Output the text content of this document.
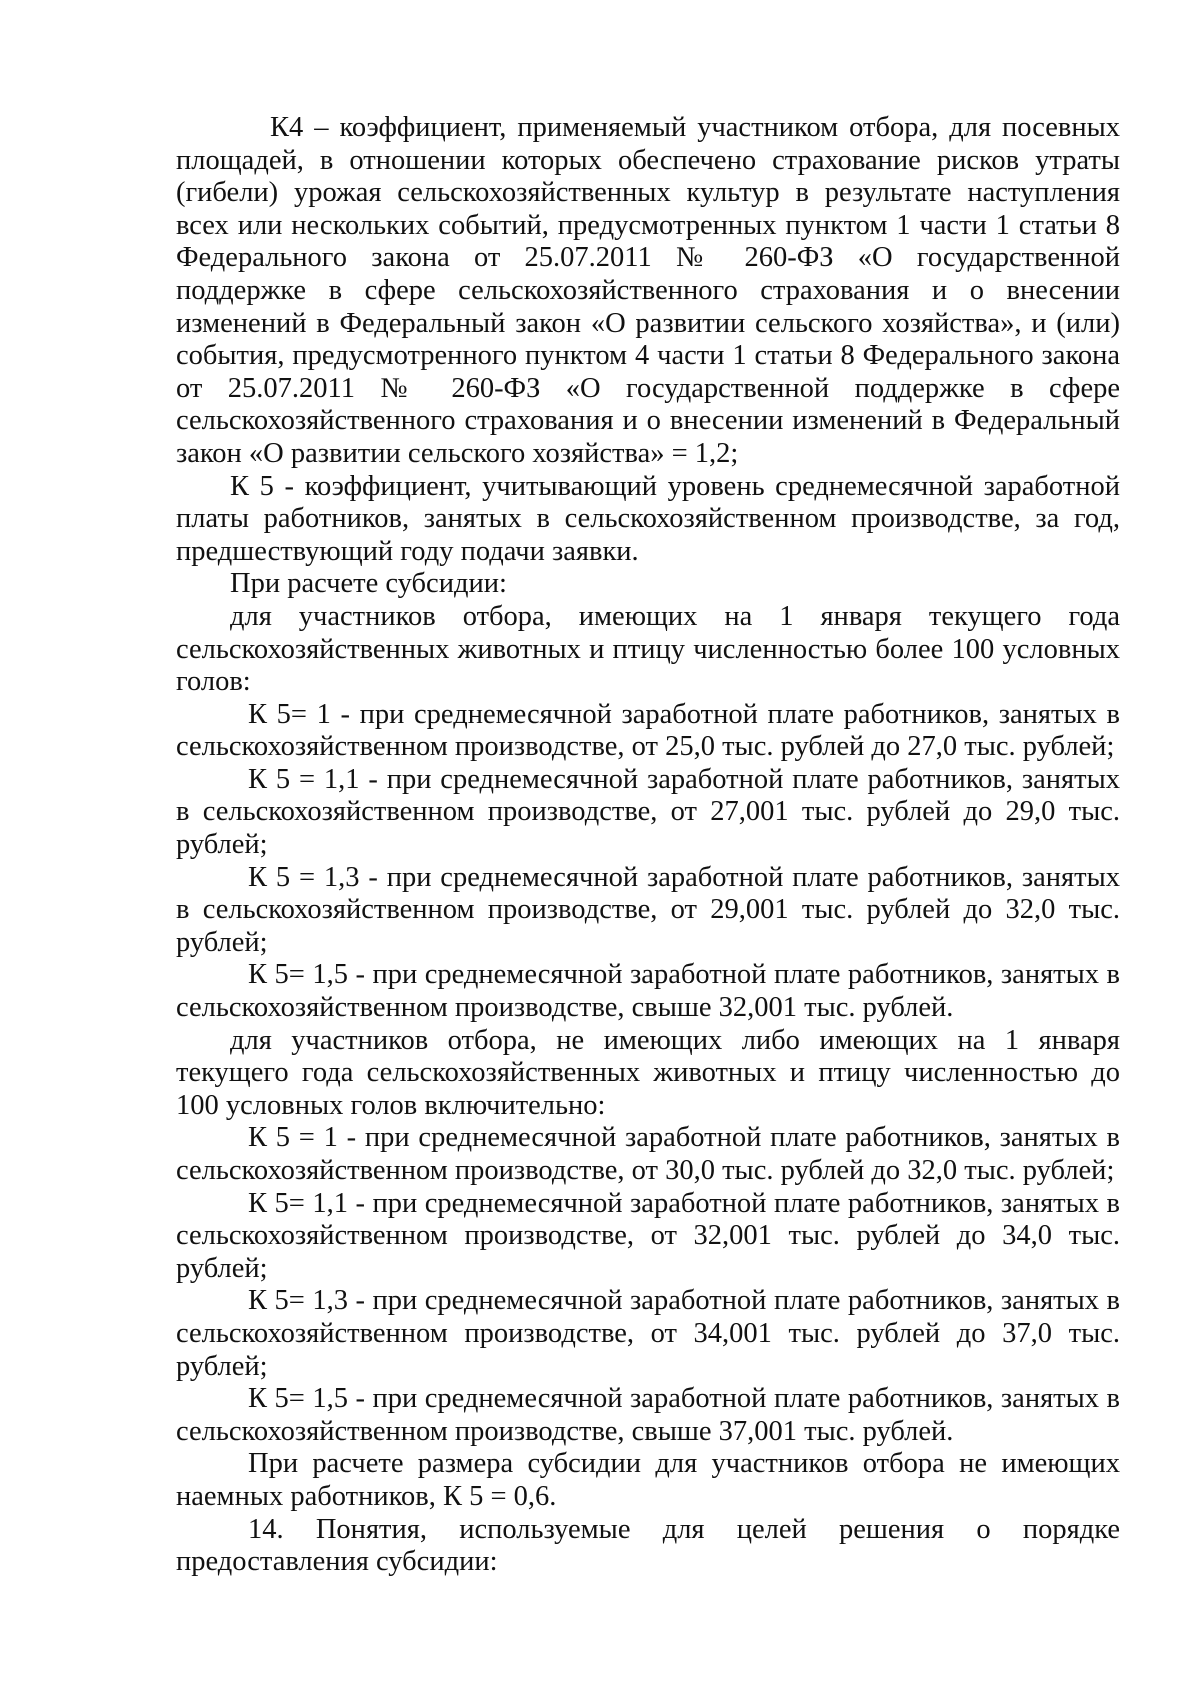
К4 – коэффициент, применяемый участником отбора, для посевных площадей, в отношении которых обеспечено страхование рисков утраты (гибели) урожая сельскохозяйственных культур в результате наступления всех или нескольких событий, предусмотренных пунктом 1 части 1 статьи 8 Федерального закона от 25.07.2011 № 260-ФЗ «О государственной поддержке в сфере сельскохозяйственного страхования и о внесении изменений в Федеральный закон «О развитии сельского хозяйства», и (или) события, предусмотренного пунктом 4 части 1 статьи 8 Федерального закона от 25.07.2011 № 260-ФЗ «О государственной поддержке в сфере сельскохозяйственного страхования и о внесении изменений в Федеральный закон «О развитии сельского хозяйства» = 1,2;

К 5 - коэффициент, учитывающий уровень среднемесячной заработной платы работников, занятых в сельскохозяйственном производстве, за год, предшествующий году подачи заявки.

При расчете субсидии:

для участников отбора, имеющих на 1 января текущего года сельскохозяйственных животных и птицу численностью более 100 условных голов:

К 5= 1 - при среднемесячной заработной плате работников, занятых в сельскохозяйственном производстве, от 25,0 тыс. рублей до 27,0 тыс. рублей;

К 5 = 1,1 - при среднемесячной заработной плате работников, занятых в сельскохозяйственном производстве, от 27,001 тыс. рублей до 29,0 тыс. рублей;

К 5 = 1,3 - при среднемесячной заработной плате работников, занятых в сельскохозяйственном производстве, от 29,001 тыс. рублей до 32,0 тыс. рублей;

К 5= 1,5 - при среднемесячной заработной плате работников, занятых в сельскохозяйственном производстве, свыше 32,001 тыс. рублей.

для участников отбора, не имеющих либо имеющих на 1 января текущего года сельскохозяйственных животных и птицу численностью до 100 условных голов включительно:

К 5 = 1 - при среднемесячной заработной плате работников, занятых в сельскохозяйственном производстве, от 30,0 тыс. рублей до 32,0 тыс. рублей;

К 5= 1,1 - при среднемесячной заработной плате работников, занятых в сельскохозяйственном производстве, от 32,001 тыс. рублей до 34,0 тыс. рублей;

К 5= 1,3 - при среднемесячной заработной плате работников, занятых в сельскохозяйственном производстве, от 34,001 тыс. рублей до 37,0 тыс. рублей;

К 5= 1,5 - при среднемесячной заработной плате работников, занятых в сельскохозяйственном производстве, свыше 37,001 тыс. рублей.

При расчете размера субсидии для участников отбора не имеющих наемных работников, К 5 = 0,6.

14. Понятия, используемые для целей решения о порядке предоставления субсидии:
